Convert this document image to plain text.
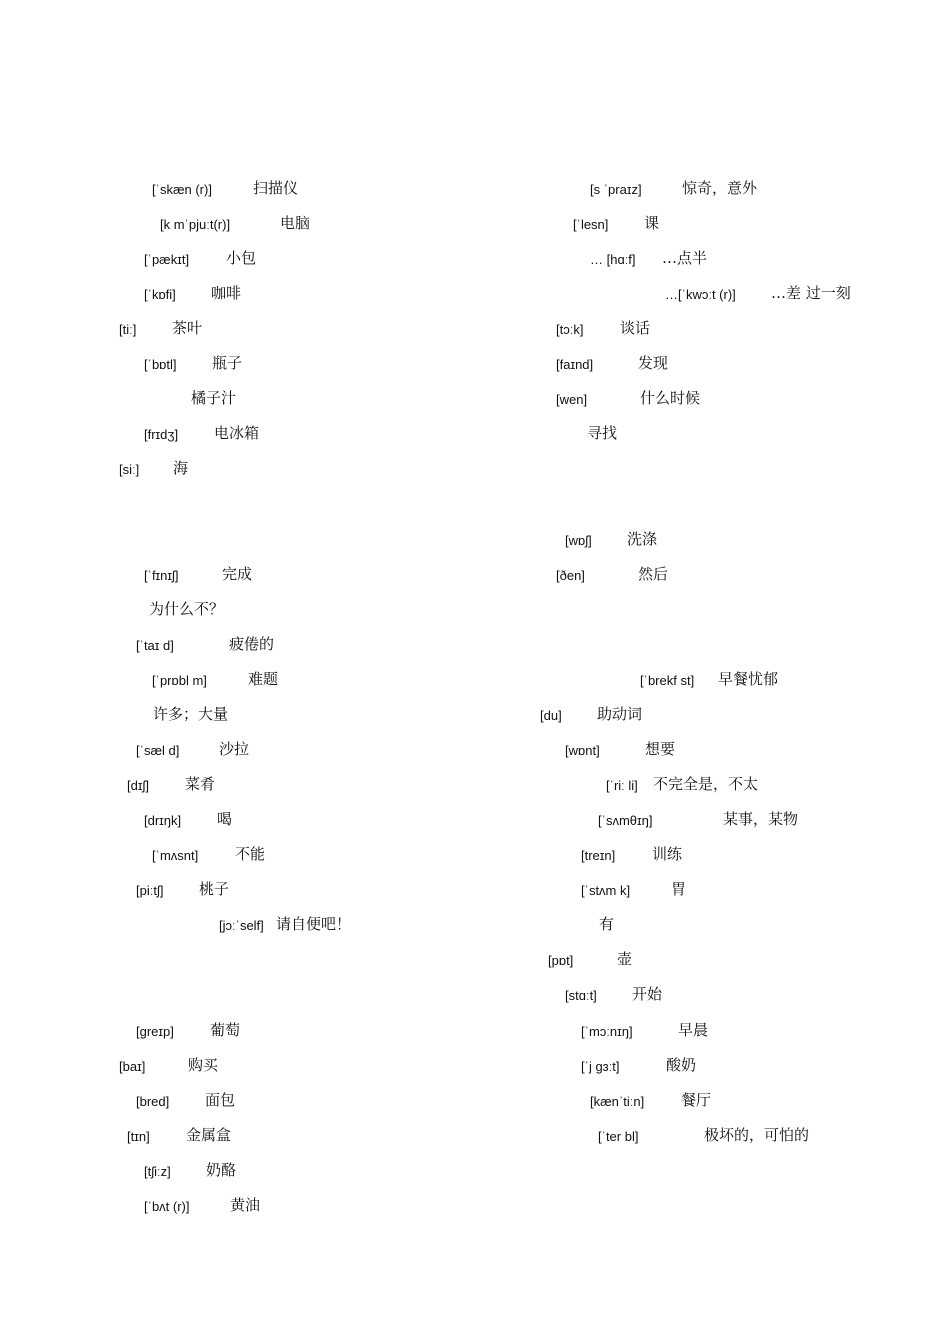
[ˈskæn (r)]	扫描仪
[k mˈpjuːt(r)]	电脑
[ˈpækɪt] 小包
[ˈkɒfi] 咖啡
[tiː] 茶叶
[ˈbɒtl] 瓶子
橘子汁
[frɪdʒ] 电冰箱
[siː] 海
[ˈfɪnɪʃ]	完成
为什么不？
[ˈtaɪ d]	疲倦的
[ˈprɒbl m]	难题
许多；大量
[ˈsæl d]	沙拉
[dɪʃ] 菜肴
[drɪŋk] 喝
[ˈmʌsnt] 不能
[piːtʃ] 桃子
[jɔːˈself] 请自便吧！
[greɪp] 葡萄
[baɪ]	购买
[bred] 面包
[tɪn] 金属盒
[tʃiːz] 奶酪
[ˈbʌt (r)]	黄油
[s ˈpraɪz]	惊奇，意外
[ˈlesn] 课
… [hɑːf] …点半
…[ˈkwɔːt (r)] …差 过一刻
[tɔːk] 谈话
[faɪnd]	发现
[wen]	什么时候
寻找
[wɒʃ] 洗涤
[ðen]	然后
[ˈbrekf st] 早餐忧郁
[du] 助动词
[wɒnt]	想要
[ˈriː li] 不完全是，不太
[ˈsʌmθɪŋ]	某事，某物
[treɪn] 训练
[ˈstʌm k]	胃
有
[pɒt]	壶
[stɑːt] 开始
[ˈmɔːnɪŋ]	早晨
[ˈj gɜːt]	酸奶
[kænˈtiːn] 餐厅
[ˈter bl]	极坏的，可怕的
